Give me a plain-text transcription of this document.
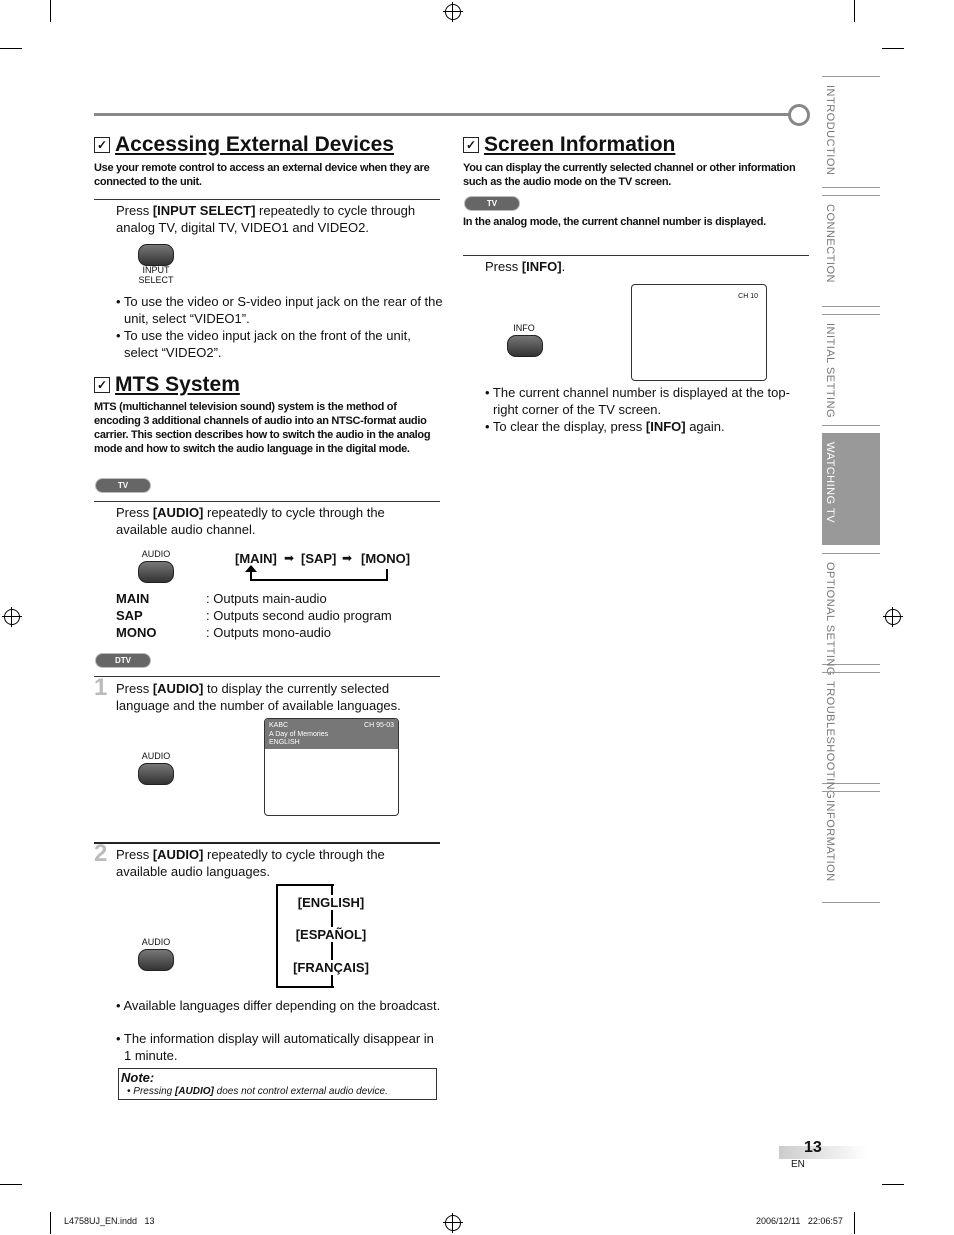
✓ Accessing External Devices
Use your remote control to access an external device when they are connected to the unit.
Press [INPUT SELECT] repeatedly to cycle through analog TV, digital TV, VIDEO1 and VIDEO2.
INPUT
SELECT
• To use the video or S-video input jack on the rear of the unit, select “VIDEO1”.
• To use the video input jack on the front of the unit, select “VIDEO2”.
✓ MTS System
MTS (multichannel television sound) system is the method of encoding 3 additional channels of audio into an NTSC-format audio carrier. This section describes how to switch the audio in the analog mode and how to switch the audio language in the digital mode.
TV
Press [AUDIO] repeatedly to cycle through the available audio channel.
AUDIO	[MAIN] ➡ [SAP] ➡ [MONO]
MAIN	: Outputs main-audio
SAP	: Outputs second audio program
MONO	: Outputs mono-audio
DTV
1 Press [AUDIO] to display the currently selected language and the number of available languages.
AUDIO
KABC
A Day of Memories
ENGLISH
CH 95-03
2 Press [AUDIO] repeatedly to cycle through the available audio languages.
AUDIO
[ENGLISH]
[ESPAÑOL]
[FRANÇAIS]
• Available languages differ depending on the broadcast.
• The information display will automatically disappear in 1 minute.
Note:
• Pressing [AUDIO] does not control external audio device.
✓ Screen Information
You can display the currently selected channel or other information such as the audio mode on the TV screen.
TV
In the analog mode, the current channel number is displayed.
Press [INFO].
INFO
CH 10
• The current channel number is displayed at the top-right corner of the TV screen.
• To clear the display, press [INFO] again.
INTRODUCTION
CONNECTION
INITIAL SETTING
WATCHING TV
OPTIONAL SETTING
TROUBLESHOOTING
INFORMATION
13
EN
L4758UJ_EN.indd   13	2006/12/11   22:06:57
